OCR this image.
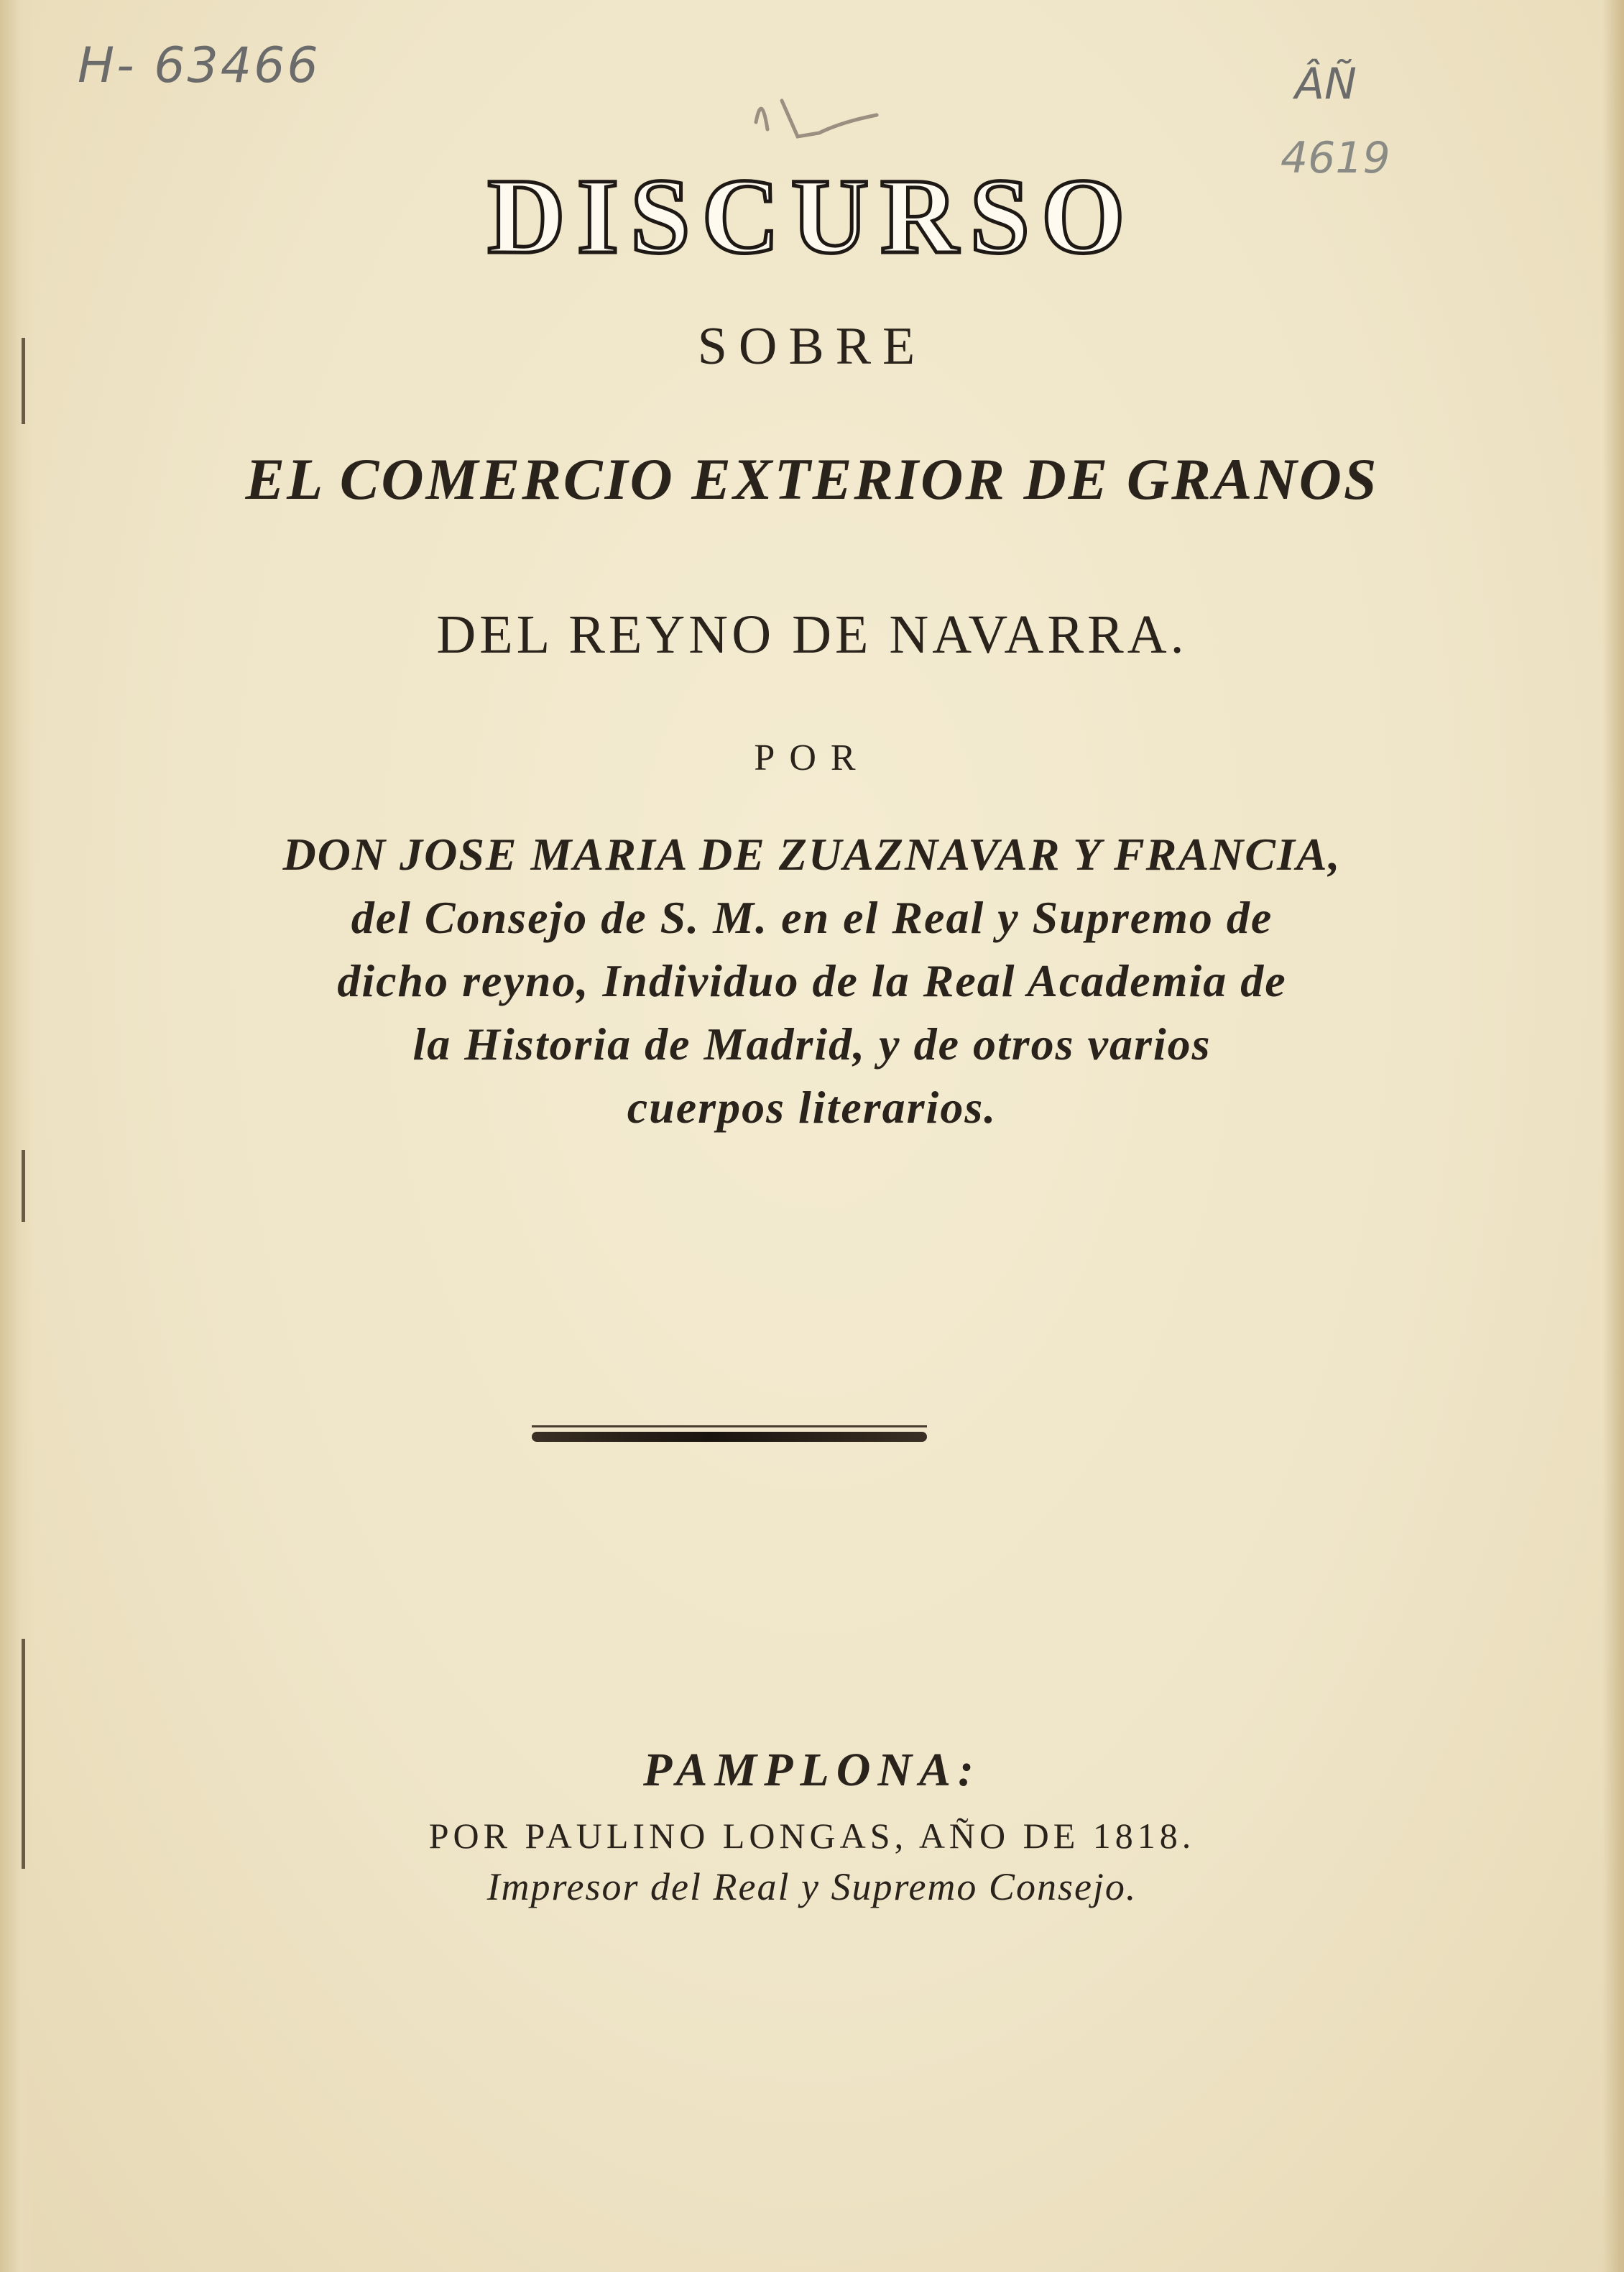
H- 63466	ÂÑ
4619
DISCURSO
SOBRE
EL COMERCIO EXTERIOR DE GRANOS
DEL REYNO DE NAVARRA.
POR
DON JOSE MARIA DE ZUAZNAVAR Y FRANCIA,
del Consejo de S. M. en el Real y Supremo de
dicho reyno, Individuo de la Real Academia de
la Historia de Madrid, y de otros varios
cuerpos literarios.
PAMPLONA:
POR PAULINO LONGAS, AÑO DE 1818.
Impresor del Real y Supremo Consejo.
